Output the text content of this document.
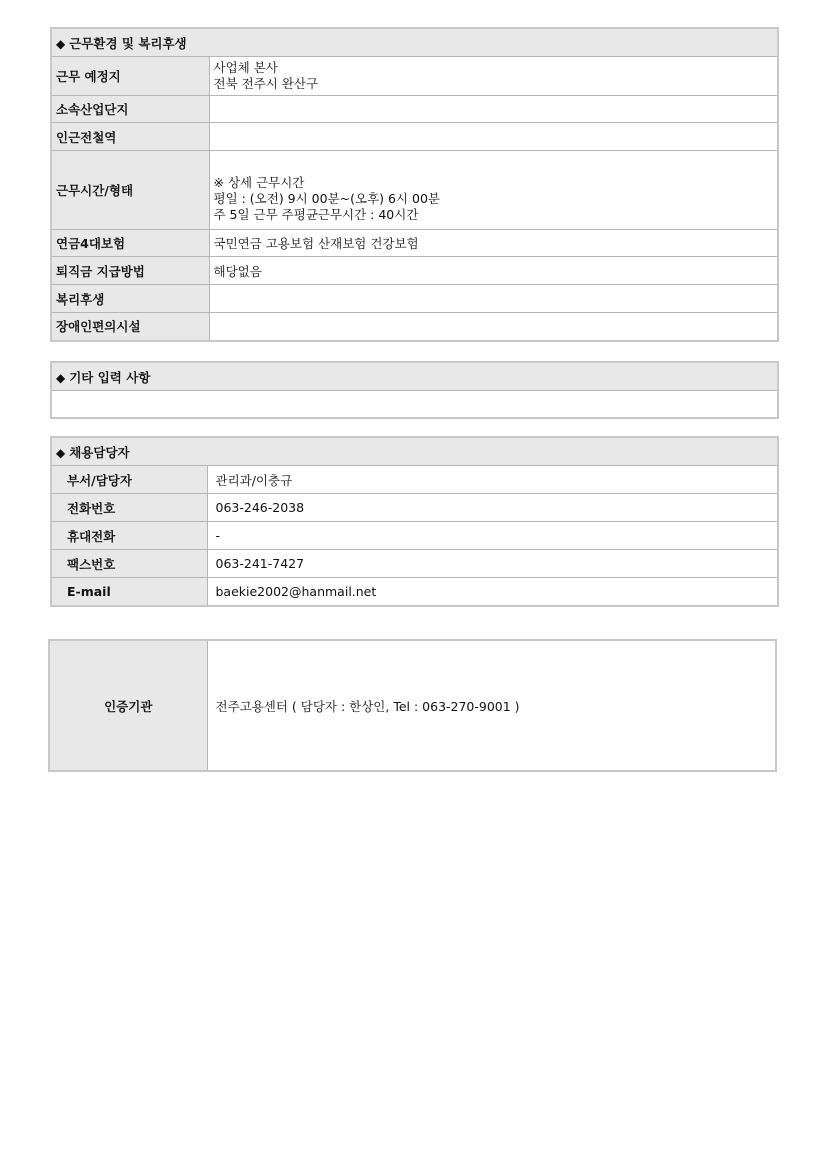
◆ 근무환경 및 복리후생	
근무 예정지	사업체 본사
전북 전주시 완산구

소속산업단지	
인근전철역	
근무시간/형태	※ 상세 근무시간
평일 : (오전) 9시 00분~(오후) 6시 00분
주 5일 근무 주평균근무시간 : 40시간

연금4대보험	국민연금 고용보험 산재보험 건강보험
퇴직금 지급방법	해당없음
복리후생	
장애인편의시설	
◆ 기타 입력 사항

◆ 채용담당자	
부서/담당자	관리과/이충규
전화번호	063-246-2038
휴대전화	-
팩스번호	063-241-7427
E-mail	baekie2002@hanmail.net
인증기관	전주고용센터 ( 담당자 : 한상인, Tel : 063-270-9001 )
